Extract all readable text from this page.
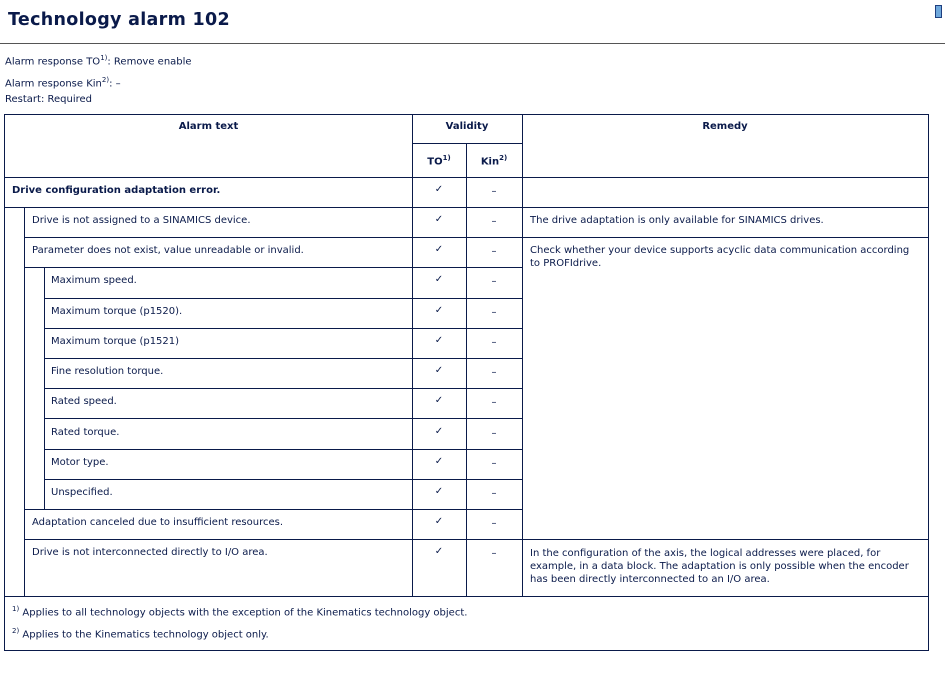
Technology alarm 102
Alarm response TO$^{1)}$: Remove enable
Alarm response Kin$^{2)}$: –
Restart: Required
Alarm text	Validity
TO$^{1)}$	Kin$^{2)}$
Remedy
Drive configuration adaptation error.
Drive is not assigned to a SINAMICS device.
Parameter does not exist, value unreadable or invalid.
Maximum speed.
Maximum torque (p1520).
Maximum torque (p1521)
Fine resolution torque.
Rated speed.
Rated torque.
Motor type.
Unspecified.
Adaptation canceled due to insufficient resources.
Drive is not interconnected directly to I/O area.
✓
✓
✓
✓
✓
✓
✓
✓
✓
✓
✓
✓
✓
–
–
–
–
–
–
–
–
–
–
–
–
–
The drive adaptation is only available for SINAMICS drives.
Check whether your device supports acyclic data communication according to PROFIdrive.
In the configuration of the axis, the logical addresses were placed, for example, in a data block. The adaptation is only possible when the encoder has been directly interconnected to an I/O area.
$^{1)}$ Applies to all technology objects with the exception of the Kinematics technology object.
$^{2)}$ Applies to the Kinematics technology object only.
